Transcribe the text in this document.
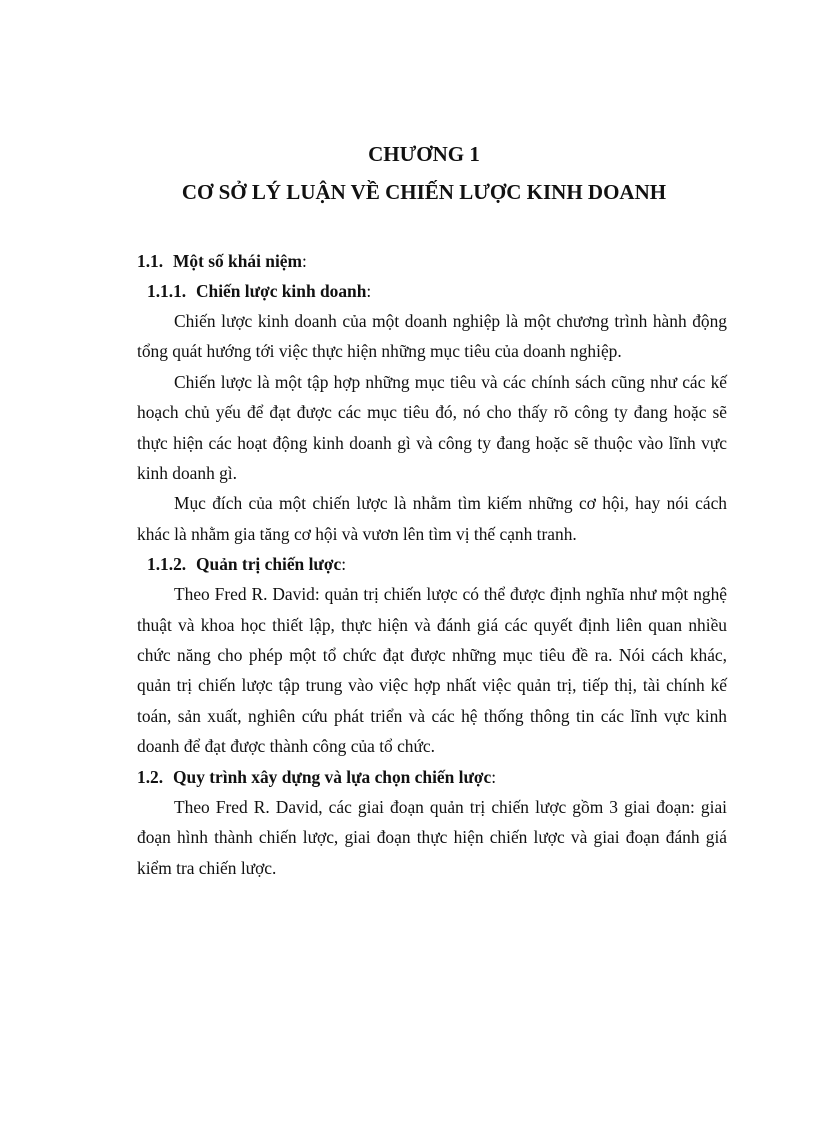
CHƯƠNG 1

CƠ SỞ LÝ LUẬN VỀ CHIẾN LƯỢC KINH DOANH

1.1. Một số khái niệm:

1.1.1. Chiến lược kinh doanh:

Chiến lược kinh doanh của một doanh nghiệp là một chương trình hành động tổng quát hướng tới việc thực hiện những mục tiêu của doanh nghiệp.

Chiến lược là một tập hợp những mục tiêu và các chính sách cũng như các kế hoạch chủ yếu để đạt được các mục tiêu đó, nó cho thấy rõ công ty đang hoặc sẽ thực hiện các hoạt động kinh doanh gì và công ty đang hoặc sẽ thuộc vào lĩnh vực kinh doanh gì.

Mục đích của một chiến lược là nhằm tìm kiếm những cơ hội, hay nói cách khác là nhằm gia tăng cơ hội và vươn lên tìm vị thế cạnh tranh.

1.1.2. Quản trị chiến lược:

Theo Fred R. David: quản trị chiến lược có thể được định nghĩa như một nghệ thuật và khoa học thiết lập, thực hiện và đánh giá các quyết định liên quan nhiều chức năng cho phép một tổ chức đạt được những mục tiêu đề ra. Nói cách khác, quản trị chiến lược tập trung vào việc hợp nhất việc quản trị, tiếp thị, tài chính kế toán, sản xuất, nghiên cứu phát triển và các hệ thống thông tin các lĩnh vực kinh doanh để đạt được thành công của tổ chức.

1.2. Quy trình xây dựng và lựa chọn chiến lược:

Theo Fred R. David, các giai đoạn quản trị chiến lược gồm 3 giai đoạn: giai đoạn hình thành chiến lược, giai đoạn thực hiện chiến lược và giai đoạn đánh giá kiểm tra chiến lược.
